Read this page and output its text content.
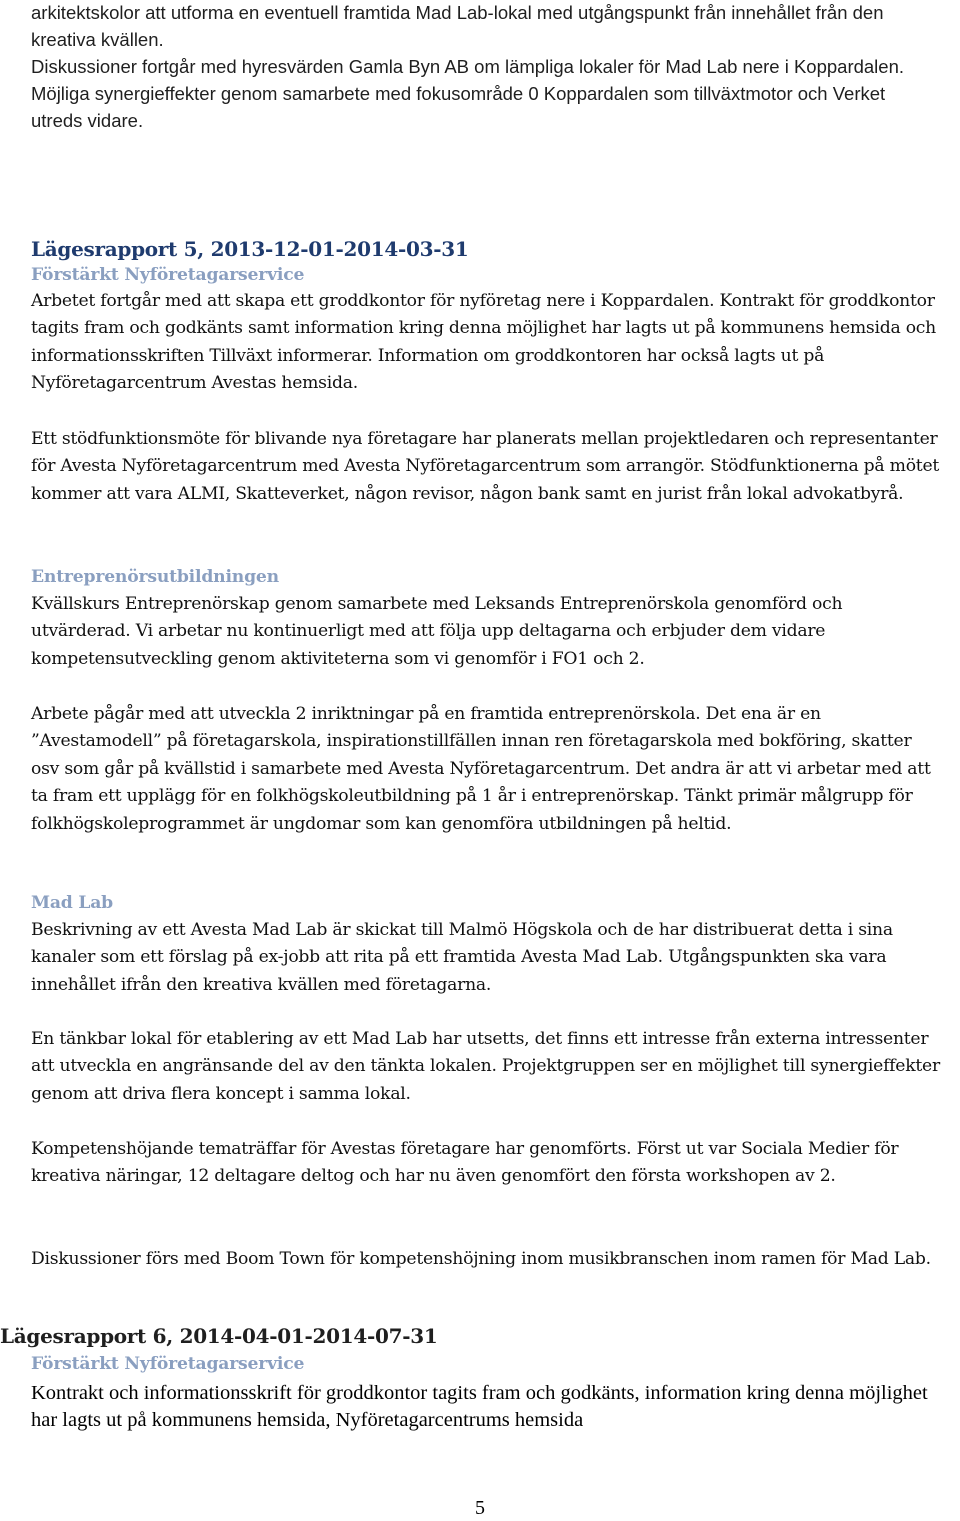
arkitektskolor att utforma en eventuell framtida Mad Lab-lokal med utgångspunkt från innehållet från den kreativa kvällen.

Diskussioner fortgår med hyresvärden Gamla Byn AB om lämpliga lokaler för Mad Lab nere i Koppardalen. Möjliga synergieffekter genom samarbete med fokusområde 0 Koppardalen som tillväxtmotor och Verket utreds vidare.

Lägesrapport 5, 2013-12-01-2014-03-31
Förstärkt Nyföretagarservice

Arbetet fortgår med att skapa ett groddkontor för nyföretag nere i Koppardalen. Kontrakt för groddkontor tagits fram och godkänts samt information kring denna möjlighet har lagts ut på kommunens hemsida och informationsskriften Tillväxt informerar. Information om groddkontoren har också lagts ut på Nyföretagarcentrum Avestas hemsida.

Ett stödfunktionsmöte för blivande nya företagare har planerats mellan projektledaren och representanter för Avesta Nyföretagarcentrum med Avesta Nyföretagarcentrum som arrangör. Stödfunktionerna på mötet kommer att vara ALMI, Skatteverket, någon revisor, någon bank samt en jurist från lokal advokatbyrå.

Entreprenörsutbildningen

Kvällskurs Entreprenörskap genom samarbete med Leksands Entreprenörskola genomförd och utvärderad. Vi arbetar nu kontinuerligt med att följa upp deltagarna och erbjuder dem vidare kompetensutveckling genom aktiviteterna som vi genomför i FO1 och 2.

Arbete pågår med att utveckla 2 inriktningar på en framtida entreprenörskola. Det ena är en ”Avestamodell” på företagarskola, inspirationstillfällen innan ren företagarskola med bokföring, skatter osv som går på kvällstid i samarbete med Avesta Nyföretagarcentrum. Det andra är att vi arbetar med att ta fram ett upplägg för en folkhögskoleutbildning på 1 år i entreprenörskap. Tänkt primär målgrupp för folkhögskoleprogrammet är ungdomar som kan genomföra utbildningen på heltid.

Mad Lab

Beskrivning av ett Avesta Mad Lab är skickat till Malmö Högskola och de har distribuerat detta i sina kanaler som ett förslag på ex-jobb att rita på ett framtida Avesta Mad Lab. Utgångspunkten ska vara innehållet ifrån den kreativa kvällen med företagarna.

En tänkbar lokal för etablering av ett Mad Lab har utsetts, det finns ett intresse från externa intressenter att utveckla en angränsande del av den tänkta lokalen. Projektgruppen ser en möjlighet till synergieffekter genom att driva flera koncept i samma lokal.

Kompetenshöjande tematräffar för Avestas företagare har genomförts. Först ut var Sociala Medier för kreativa näringar, 12 deltagare deltog och har nu även genomfört den första workshopen av 2.

Diskussioner förs med Boom Town för kompetenshöjning inom musikbranschen inom ramen för Mad Lab.

Lägesrapport 6, 2014-04-01-2014-07-31
Förstärkt Nyföretagarservice

Kontrakt och informationsskrift för groddkontor tagits fram och godkänts, information kring denna möjlighet har lagts ut på kommunens hemsida, Nyföretagarcentrums hemsida

5
